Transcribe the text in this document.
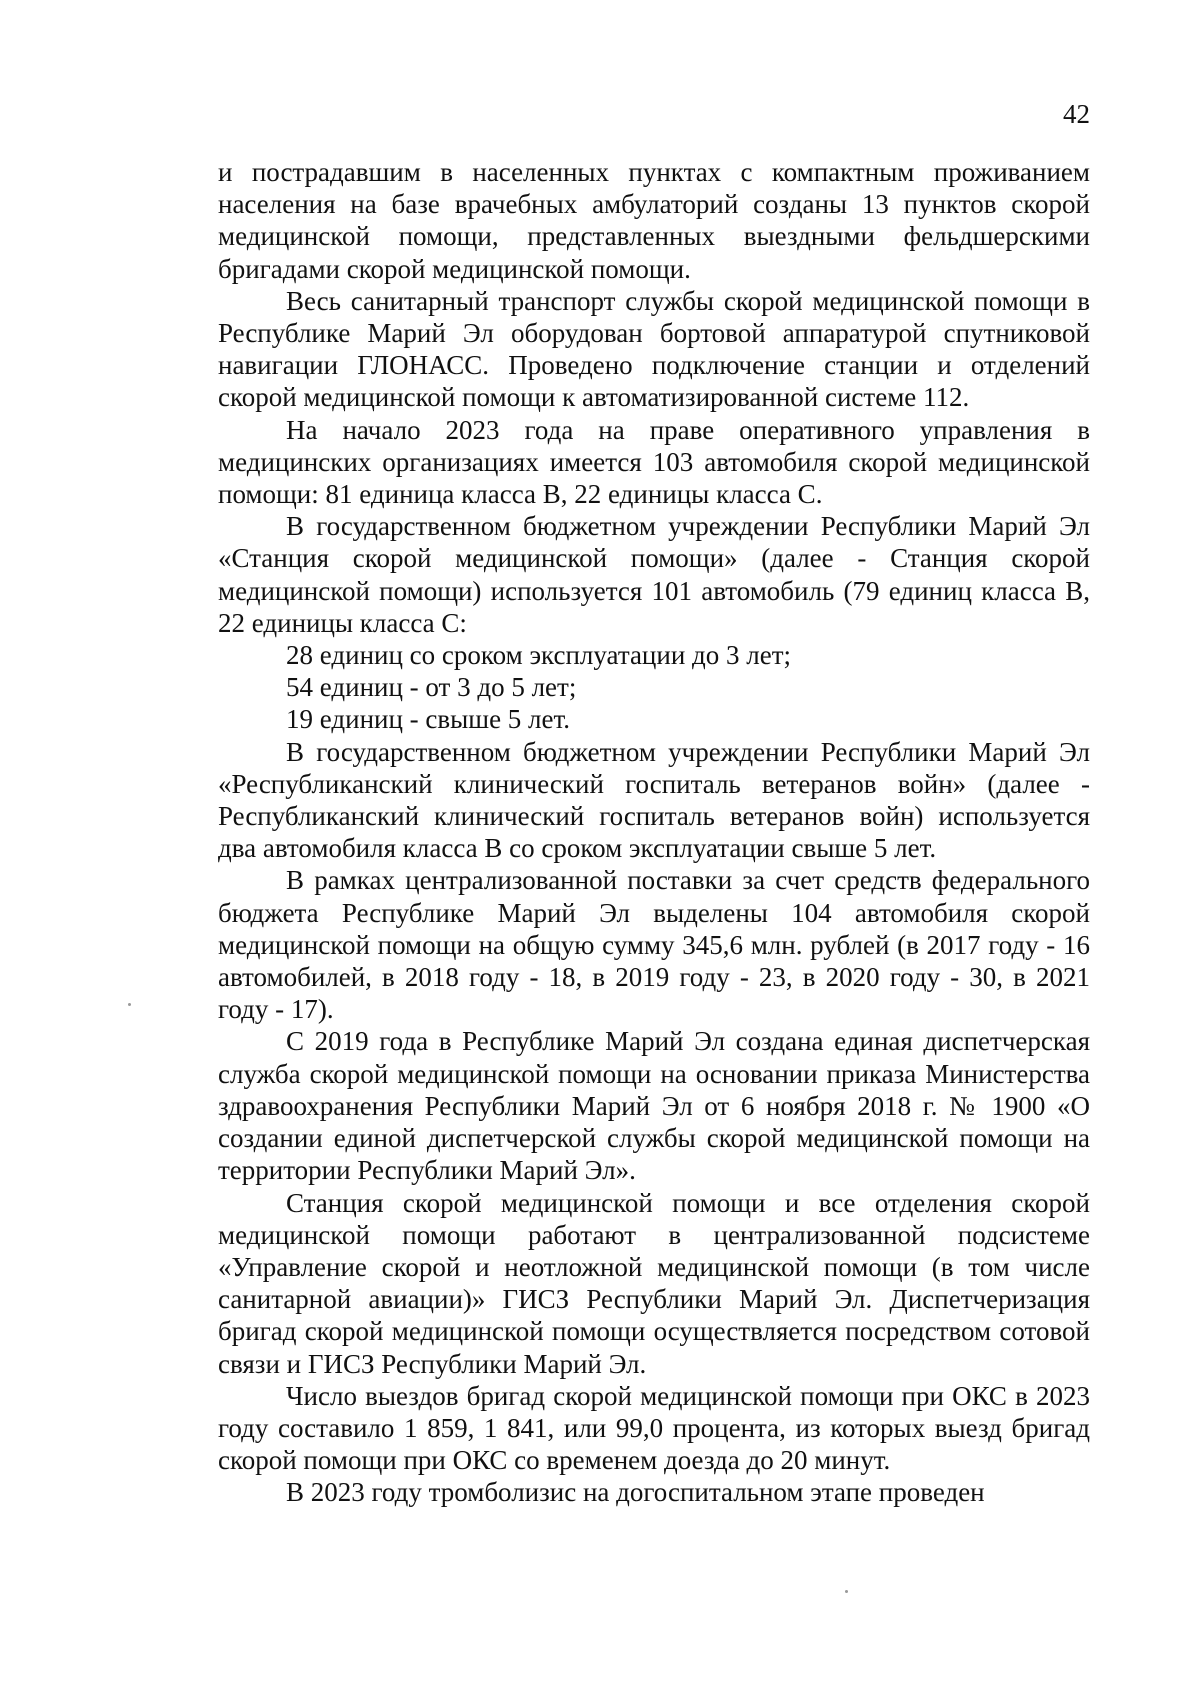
42

и пострадавшим в населенных пунктах с компактным проживанием населения на базе врачебных амбулаторий созданы 13 пунктов скорой медицинской помощи, представленных выездными фельдшерскими бригадами скорой медицинской помощи.

Весь санитарный транспорт службы скорой медицинской помощи в Республике Марий Эл оборудован бортовой аппаратурой спутниковой навигации ГЛОНАСС. Проведено подключение станции и отделений скорой медицинской помощи к автоматизированной системе 112.

На начало 2023 года на праве оперативного управления в медицинских организациях имеется 103 автомобиля скорой медицинской помощи: 81 единица класса В, 22 единицы класса С.

В государственном бюджетном учреждении Республики Марий Эл «Станция скорой медицинской помощи» (далее - Станция скорой медицинской помощи) используется 101 автомобиль (79 единиц класса В, 22 единицы класса С:

28 единиц со сроком эксплуатации до 3 лет;

54 единиц - от 3 до 5 лет;

19 единиц - свыше 5 лет.

В государственном бюджетном учреждении Республики Марий Эл «Республиканский клинический госпиталь ветеранов войн» (далее - Республиканский клинический госпиталь ветеранов войн) используется два автомобиля класса В со сроком эксплуатации свыше 5 лет.

В рамках централизованной поставки за счет средств федерального бюджета Республике Марий Эл выделены 104 автомобиля скорой медицинской помощи на общую сумму 345,6 млн. рублей (в 2017 году - 16 автомобилей, в 2018 году - 18, в 2019 году - 23, в 2020 году - 30, в 2021 году - 17).

С 2019 года в Республике Марий Эл создана единая диспетчерская служба скорой медицинской помощи на основании приказа Министерства здравоохранения Республики Марий Эл от 6 ноября 2018 г. № 1900 «О создании единой диспетчерской службы скорой медицинской помощи на территории Республики Марий Эл».

Станция скорой медицинской помощи и все отделения скорой медицинской помощи работают в централизованной подсистеме «Управление скорой и неотложной медицинской помощи (в том числе санитарной авиации)» ГИСЗ Республики Марий Эл. Диспетчеризация бригад скорой медицинской помощи осуществляется посредством сотовой связи и ГИСЗ Республики Марий Эл.

Число выездов бригад скорой медицинской помощи при ОКС в 2023 году составило 1 859, 1 841, или 99,0 процента, из которых выезд бригад скорой помощи при ОКС со временем доезда до 20 минут.

В 2023 году тромболизис на догоспитальном этапе проведен
